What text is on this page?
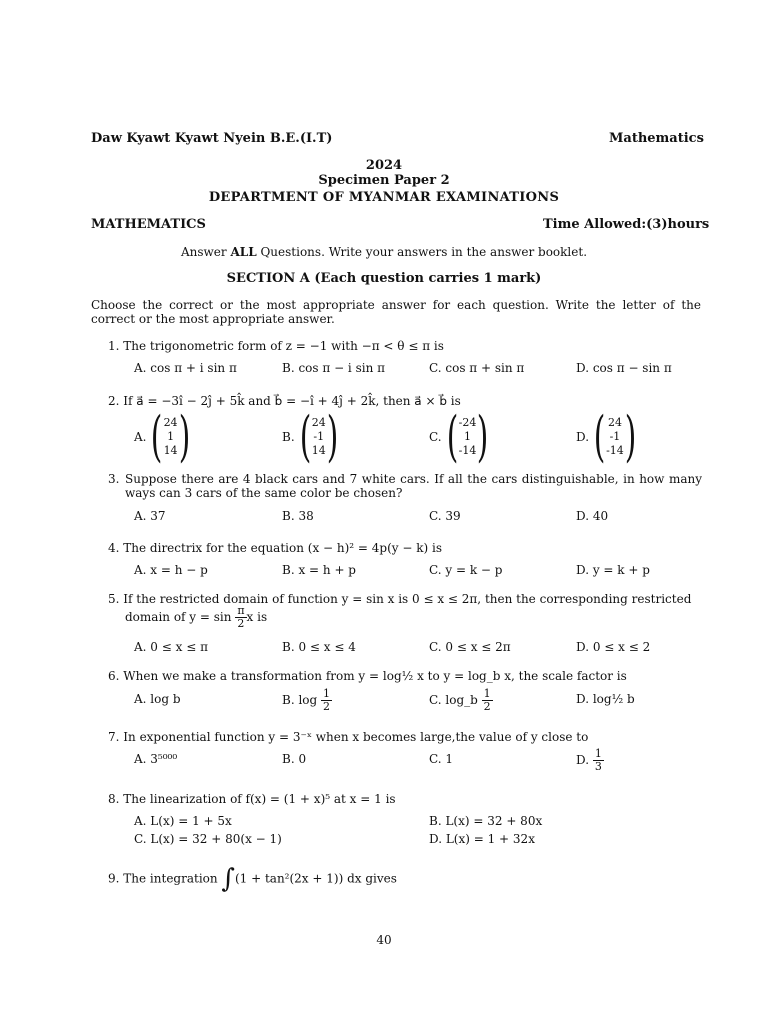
Daw Kyawt Kyawt Nyein B.E.(I.T)	Mathematics
2024
Specimen Paper 2
DEPARTMENT OF MYANMAR EXAMINATIONS
MATHEMATICS	Time Allowed:(3)hours
Answer ALL Questions. Write your answers in the answer booklet.
SECTION A (Each question carries 1 mark)
Choose the correct or the most appropriate answer for each question. Write the letter of the correct or the most appropriate answer.
1. The trigonometric form of z = −1 with −π < θ ≤ π is
A. cos π + i sin π	B. cos π − i sin π	C. cos π + sin π	D. cos π − sin π
2. If a⃗ = −3î − 2ĵ + 5k̂ and b⃗ = −î + 4ĵ + 2k̂, then a⃗ × b⃗ is
A. ( 24
1
14 )	B. ( 24
-1
14 )	C. ( -24
1
-14 )	D. ( 24
-1
-14 )
3. Suppose there are 4 black cars and 7 white cars. If all the cars distinguishable, in how many ways can 3 cars of the same color be chosen?
A. 37	B. 38	C. 39	D. 40
4. The directrix for the equation (x − h)² = 4p(y − k) is
A. x = h − p	B. x = h + p	C. y = k − p	D. y = k + p
5. If the restricted domain of function y = sin x is 0 ≤ x ≤ 2π, then the corresponding restricted
domain of $y = \sin \frac{\pi}{2}$ x is
A. 0 ≤ x ≤ π	B. 0 ≤ x ≤ 4	C. 0 ≤ x ≤ 2π	D. 0 ≤ x ≤ 2
6. When we make a transformation from y = log½ x to y = log_b x, the scale factor is
A. log b	B. $\log \frac{1}{2}$	C. log_b $\frac{1}{2}$	D. log½ b
7. In exponential function y = 3⁻ˣ when x becomes large,the value of y close to
A. 3⁵⁰⁰⁰	B. 0	C. 1	D. $\frac{1}{3}$
8. The linearization of f(x) = (1 + x)⁵ at x = 1 is
A. L(x) = 1 + 5x	B. L(x) = 32 + 80x
C. L(x) = 32 + 80(x − 1)	D. L(x) = 1 + 32x
9. The integration ∫(1 + tan²(2x + 1)) dx gives
40
